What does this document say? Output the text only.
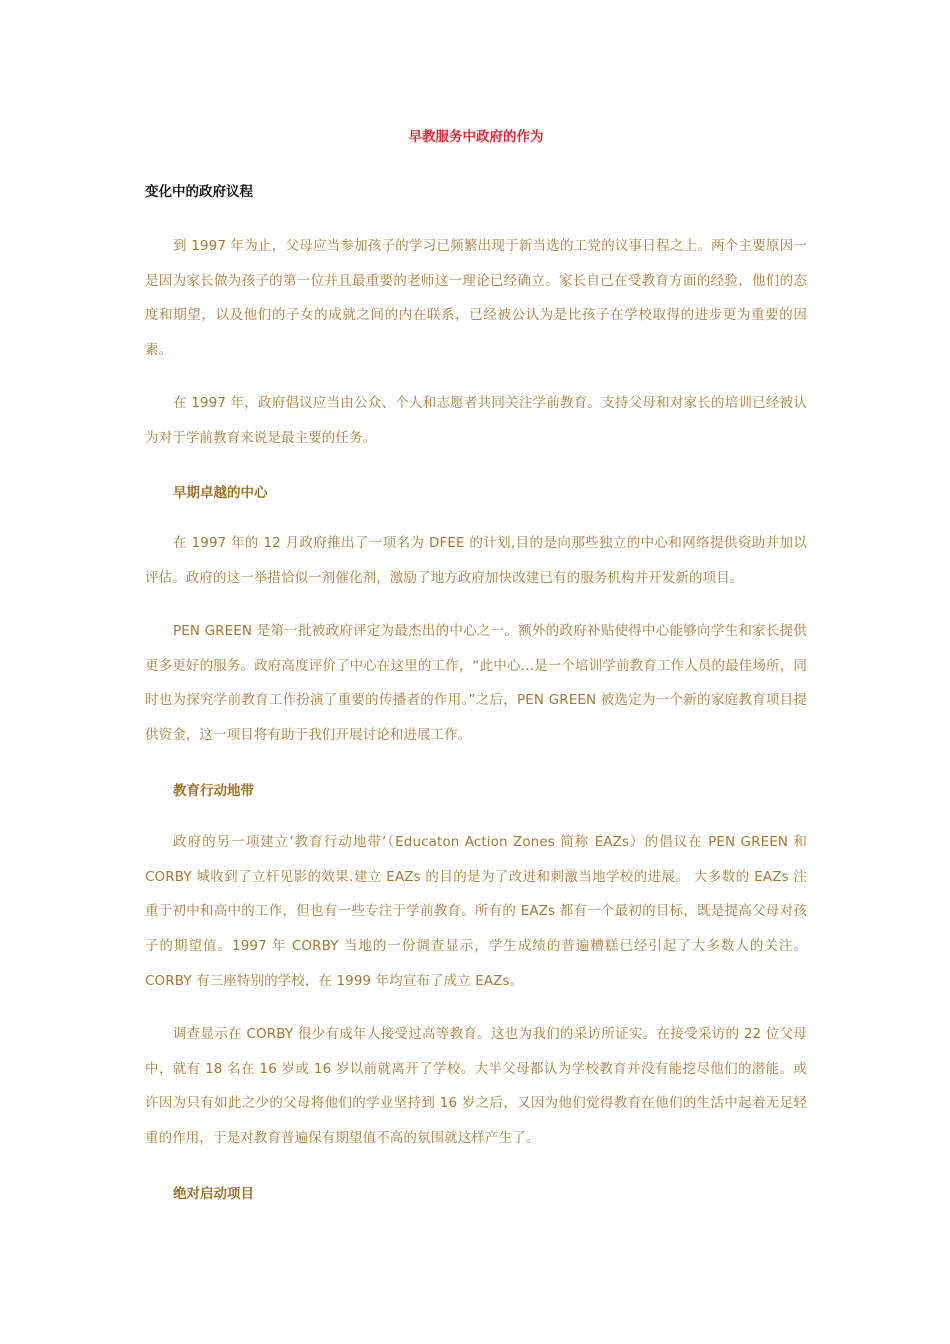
早教服务中政府的作为
变化中的政府议程

到 1997 年为止，父母应当参加孩子的学习已频繁出现于新当选的工党的议事日程之上。两个主要原因一是因为家长做为孩子的第一位并且最重要的老师这一理论已经确立。家长自己在受教育方面的经验，他们的态度和期望，以及他们的子女的成就之间的内在联系，已经被公认为是比孩子在学校取得的进步更为重要的因素。

在 1997 年，政府倡议应当由公众、个人和志愿者共同关注学前教育。支持父母和对家长的培训已经被认为对于学前教育来说是最主要的任务。

早期卓越的中心

在 1997 年的 12 月政府推出了一项名为 DFEE 的计划,目的是向那些独立的中心和网络提供资助并加以评估。政府的这一举措恰似一剂催化剂，激励了地方政府加快改建已有的服务机构并开发新的项目。

PEN GREEN 是第一批被政府评定为最杰出的中心之一。额外的政府补贴使得中心能够向学生和家长提供更多更好的服务。政府高度评价了中心在这里的工作，“此中心…是一个培训学前教育工作人员的最佳场所，同时也为探究学前教育工作扮演了重要的传播者的作用。”之后，PEN GREEN 被选定为一个新的家庭教育项目提供资金，这一项目将有助于我们开展讨论和进展工作。

教育行动地带

政府的另一项建立’教育行动地带’（Educaton Action Zones 简称 EAZs）的倡议在 PEN GREEN 和 CORBY 城收到了立杆见影的效果.建立 EAZs 的目的是为了改进和刺激当地学校的进展。 大多数的 EAZs 注重于初中和高中的工作，但也有一些专注于学前教育。所有的 EAZs 都有一个最初的目标，既是提高父母对孩子的期望值。1997 年 CORBY 当地的一份调查显示，学生成绩的普遍糟糕已经引起了大多数人的关注。CORBY 有三座特别的学校，在 1999 年均宣布了成立 EAZs。

调查显示在 CORBY 很少有成年人接受过高等教育。这也为我们的采访所证实。在接受采访的 22 位父母中，就有 18 名在 16 岁或 16 岁以前就离开了学校。大半父母都认为学校教育并没有能挖尽他们的潜能。或许因为只有如此之少的父母将他们的学业坚持到 16 岁之后，又因为他们觉得教育在他们的生活中起着无足轻重的作用，于是对教育普遍保有期望值不高的氛围就这样产生了。

绝对启动项目
